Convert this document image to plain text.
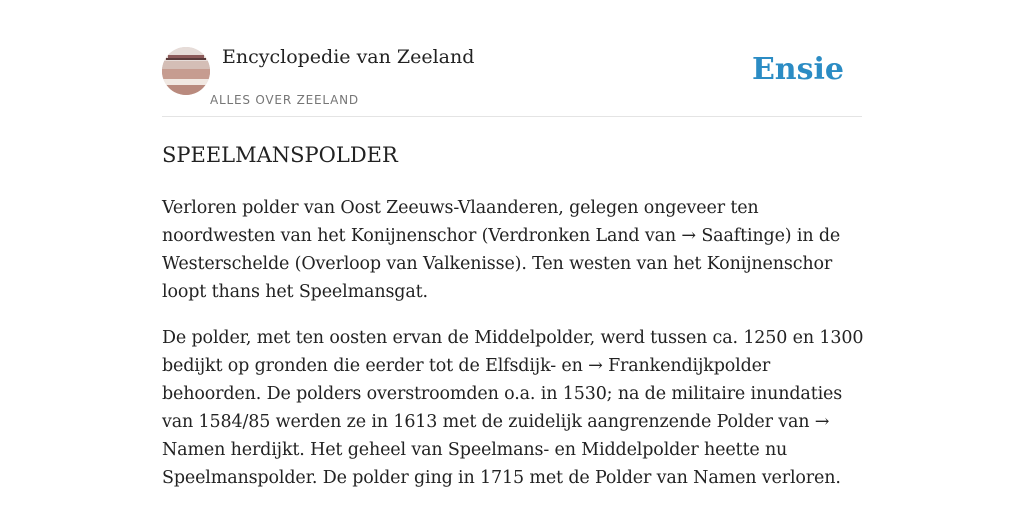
Encyclopedie van Zeeland
ALLES OVER ZEELAND
Ensie
SPEELMANSPOLDER

Verloren polder van Oost Zeeuws-Vlaanderen, gelegen ongeveer ten noordwesten van het Konijnenschor (Verdronken Land van → Saaftinge) in de Westerschelde (Overloop van Valkenisse). Ten westen van het Konijnenschor loopt thans het Speelmansgat.

De polder, met ten oosten ervan de Middelpolder, werd tussen ca. 1250 en 1300 bedijkt op gronden die eerder tot de Elfsdijk- en → Frankendijkpolder behoorden. De polders overstroomden o.a. in 1530; na de militaire inundaties van 1584/85 werden ze in 1613 met de zuidelijk aangrenzende Polder van → Namen herdijkt. Het geheel van Speelmans- en Middelpolder heette nu Speelmanspolder. De polder ging in 1715 met de Polder van Namen verloren.
